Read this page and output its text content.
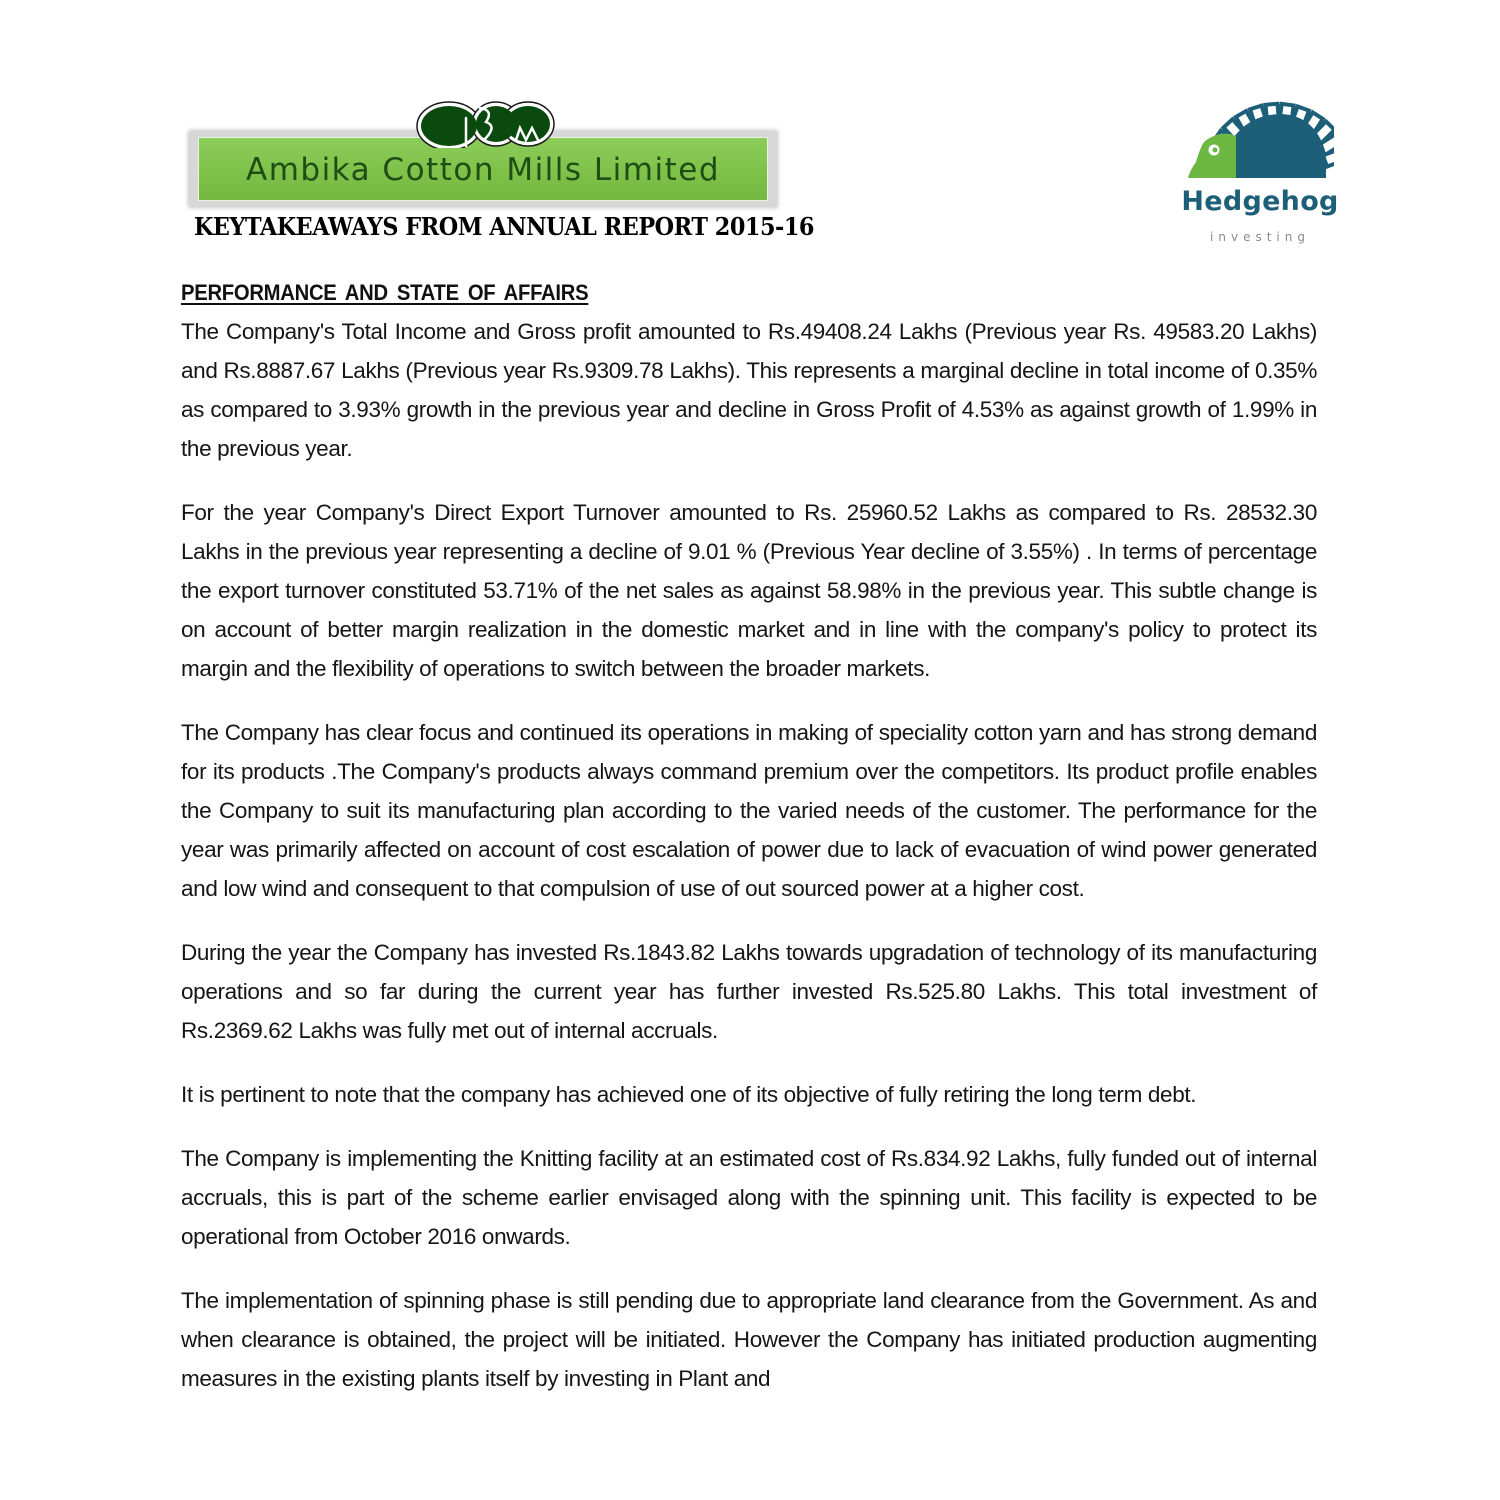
Ambika Cotton Mills Limited
Hedgehog
investing
KEYTAKEAWAYS FROM ANNUAL REPORT 2015-16
PERFORMANCE AND STATE OF AFFAIRS

The Company's Total Income and Gross profit amounted to Rs.49408.24 Lakhs (Previous year Rs. 49583.20 Lakhs) and Rs.8887.67 Lakhs (Previous year Rs.9309.78 Lakhs). This represents a marginal decline in total income of 0.35% as compared to 3.93% growth in the previous year and decline in Gross Profit of 4.53% as against growth of 1.99% in the previous year.

For the year Company's Direct Export Turnover amounted to Rs. 25960.52 Lakhs as compared to Rs. 28532.30 Lakhs in the previous year representing a decline of 9.01 % (Previous Year decline of 3.55%) . In terms of percentage the export turnover constituted 53.71% of the net sales as against 58.98% in the previous year. This subtle change is on account of better margin realization in the domestic market and in line with the company's policy to protect its margin and the flexibility of operations to switch between the broader markets.

The Company has clear focus and continued its operations in making of speciality cotton yarn and has strong demand for its products .The Company's products always command premium over the competitors. Its product profile enables the Company to suit its manufacturing plan according to the varied needs of the customer. The performance for the year was primarily affected on account of cost escalation of power due to lack of evacuation of wind power generated and low wind and consequent to that compulsion of use of out sourced power at a higher cost.

During the year the Company has invested Rs.1843.82 Lakhs towards upgradation of technology of its manufacturing operations and so far during the current year has further invested Rs.525.80 Lakhs. This total investment of Rs.2369.62 Lakhs was fully met out of internal accruals.

It is pertinent to note that the company has achieved one of its objective of fully retiring the long term debt.

The Company is implementing the Knitting facility at an estimated cost of Rs.834.92 Lakhs, fully funded out of internal accruals, this is part of the scheme earlier envisaged along with the spinning unit. This facility is expected to be operational from October 2016 onwards.

The implementation of spinning phase is still pending due to appropriate land clearance from the Government. As and when clearance is obtained, the project will be initiated. However the Company has initiated production augmenting measures in the existing plants itself by investing in Plant and
